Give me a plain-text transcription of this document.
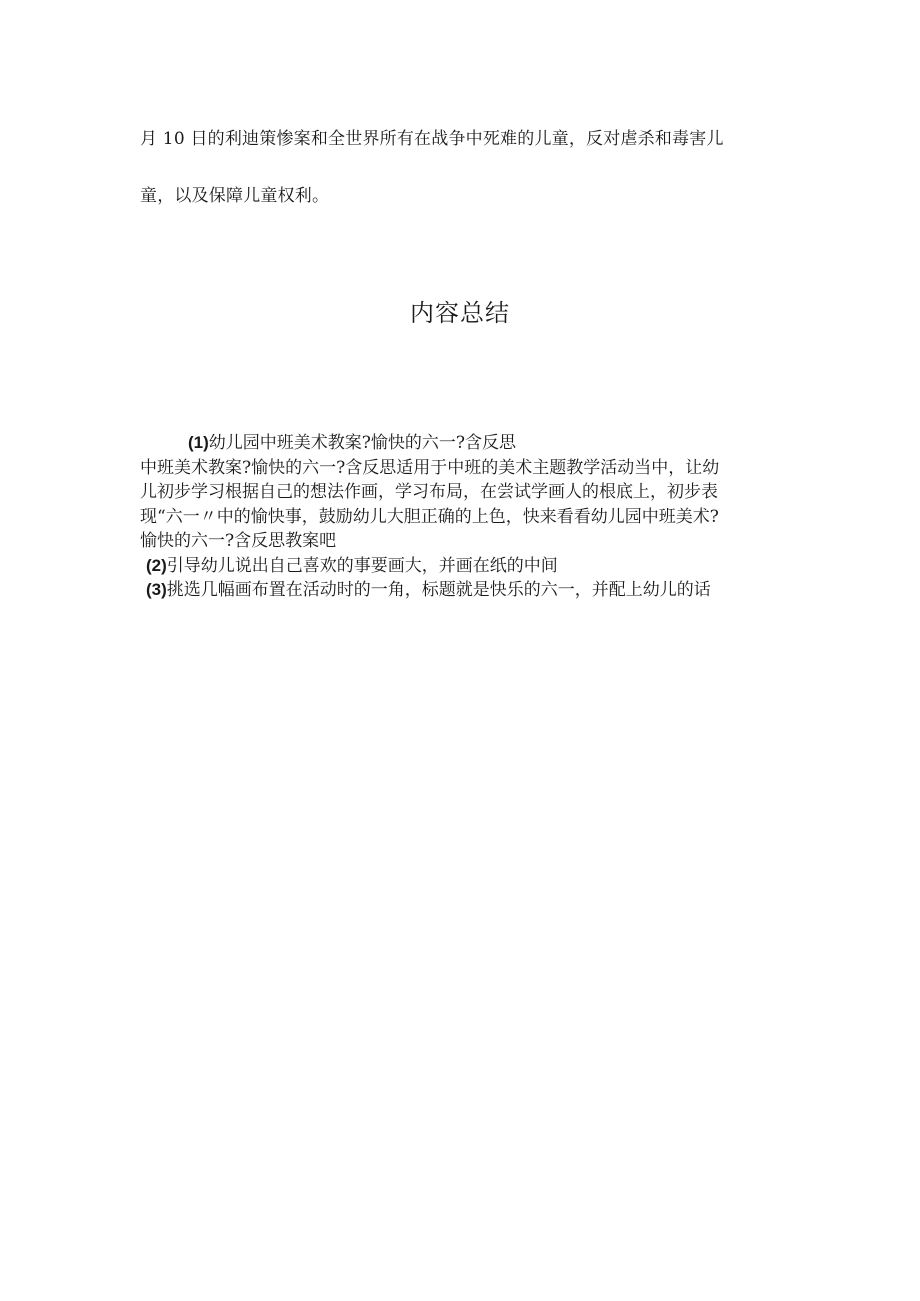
月 10 日的利迪策惨案和全世界所有在战争中死难的儿童，反对虐杀和毒害儿
童，以及保障儿童权利。
内容总结
(1)幼儿园中班美术教案?愉快的六一?含反思
中班美术教案?愉快的六一?含反思适用于中班的美术主题教学活动当中，让幼
儿初步学习根据自己的想法作画，学习布局，在尝试学画人的根底上，初步表
现“六一〃中的愉快事，鼓励幼儿大胆正确的上色，快来看看幼儿园中班美术?
愉快的六一?含反思教案吧
(2)引导幼儿说出自己喜欢的事要画大，并画在纸的中间
(3)挑选几幅画布置在活动时的一角，标题就是快乐的六一，并配上幼儿的话
